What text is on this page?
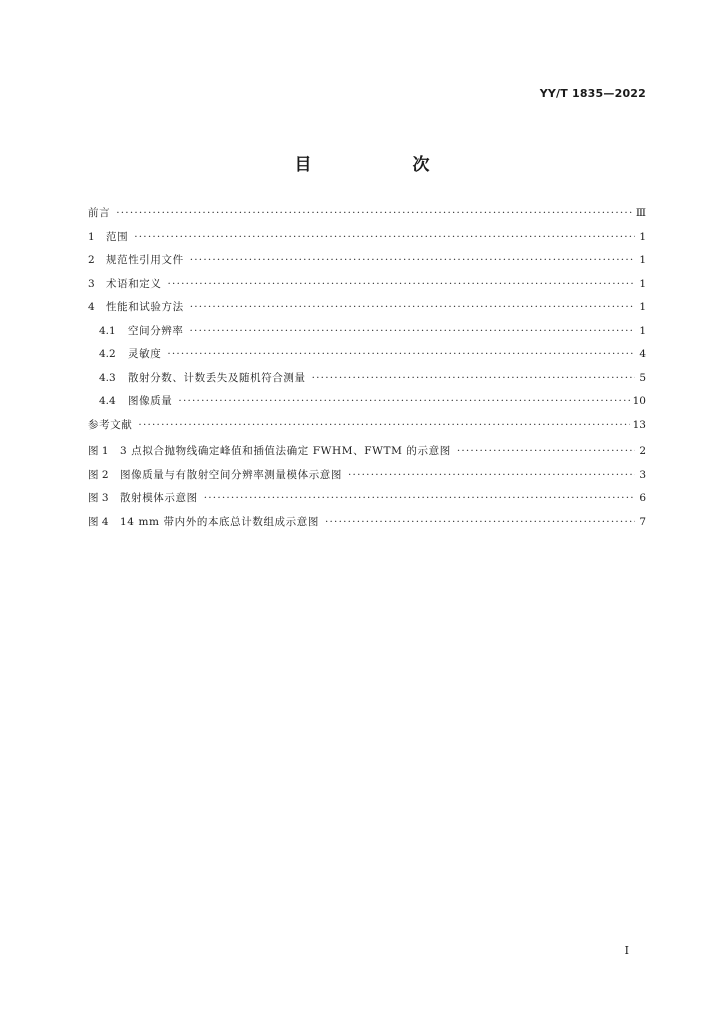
YY/T 1835—2022
目　次
前言 ·····	Ⅲ
1	范围 ·····	1
2	规范性引用文件 ·····	1
3	术语和定义 ·····	1
4	性能和试验方法 ·····	1
4.1	空间分辨率 ·····	1
4.2	灵敏度 ·····	4
4.3	散射分数、计数丢失及随机符合测量 ·····	5
4.4	图像质量 ·····	10
参考文献 ·····	13
图 1	3 点拟合抛物线确定峰值和插值法确定 FWHM、FWTM 的示意图 ·····	2
图 2	图像质量与有散射空间分辨率测量模体示意图 ·····	3
图 3	散射模体示意图 ·····	6
图 4	14 mm 带内外的本底总计数组成示意图 ·····	7
Ⅰ
